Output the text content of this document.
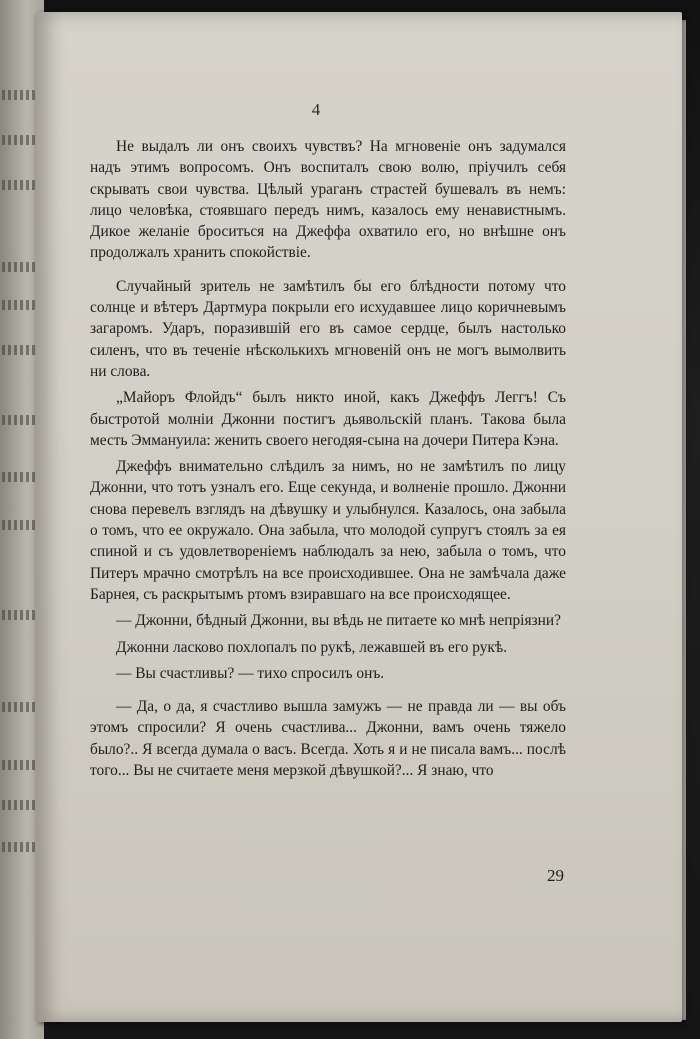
4

Не выдалъ ли онъ своихъ чувствъ? На мгновенiе онъ задумался надъ этимъ вопросомъ. Онъ воспиталъ свою волю, прiучилъ себя скрывать свои чувства. Цѣлый ураганъ страстей бушевалъ въ немъ: лицо человѣка, стоявшаго передъ нимъ, казалось ему ненавистнымъ. Дикое желанiе броситься на Джеффа охватило его, но внѣшне онъ продолжалъ хранить спокойствiе.

Случайный зритель не замѣтилъ бы его блѣдности потому что солнце и вѣтеръ Дартмура покрыли его исхудавшее лицо коричневымъ загаромъ. Ударъ, поразившiй его въ самое сердце, былъ настолько силенъ, что въ теченiе нѣсколькихъ мгновенiй онъ не могъ вымолвить ни слова.

„Майоръ Флойдъ“ былъ никто иной, какъ Джеффъ Леггъ! Съ быстротой молнiи Джонни постигъ дьявольскiй планъ. Такова была месть Эммануила: женить своего негодяя-сына на дочери Питера Кэна.

Джеффъ внимательно слѣдилъ за нимъ, но не замѣтилъ по лицу Джонни, что тотъ узналъ его. Еще секунда, и волненiе прошло. Джонни снова перевелъ взглядъ на дѣвушку и улыбнулся. Казалось, она забыла о томъ, что ее окружало. Она забыла, что молодой супругъ стоялъ за ея спиной и съ удовлетворенiемъ наблюдалъ за нею, забыла о томъ, что Питеръ мрачно смотрѣлъ на все происходившее. Она не замѣчала даже Барнея, съ раскрытымъ ртомъ взиравшаго на все происходящее.

— Джонни, бѣдный Джонни, вы вѣдь не питаете ко мнѣ непрiязни?

Джонни ласково похлопалъ по рукѣ, лежавшей въ его рукѣ.

— Вы счастливы? — тихо спросилъ онъ.

— Да, о да, я счастливо вышла замужъ — не правда ли — вы объ этомъ спросили? Я очень счастлива... Джонни, вамъ очень тяжело было?.. Я всегда думала о васъ. Всегда. Хоть я и не писала вамъ... послѣ того... Вы не считаете меня мерзкой дѣвушкой?... Я знаю, что

29
